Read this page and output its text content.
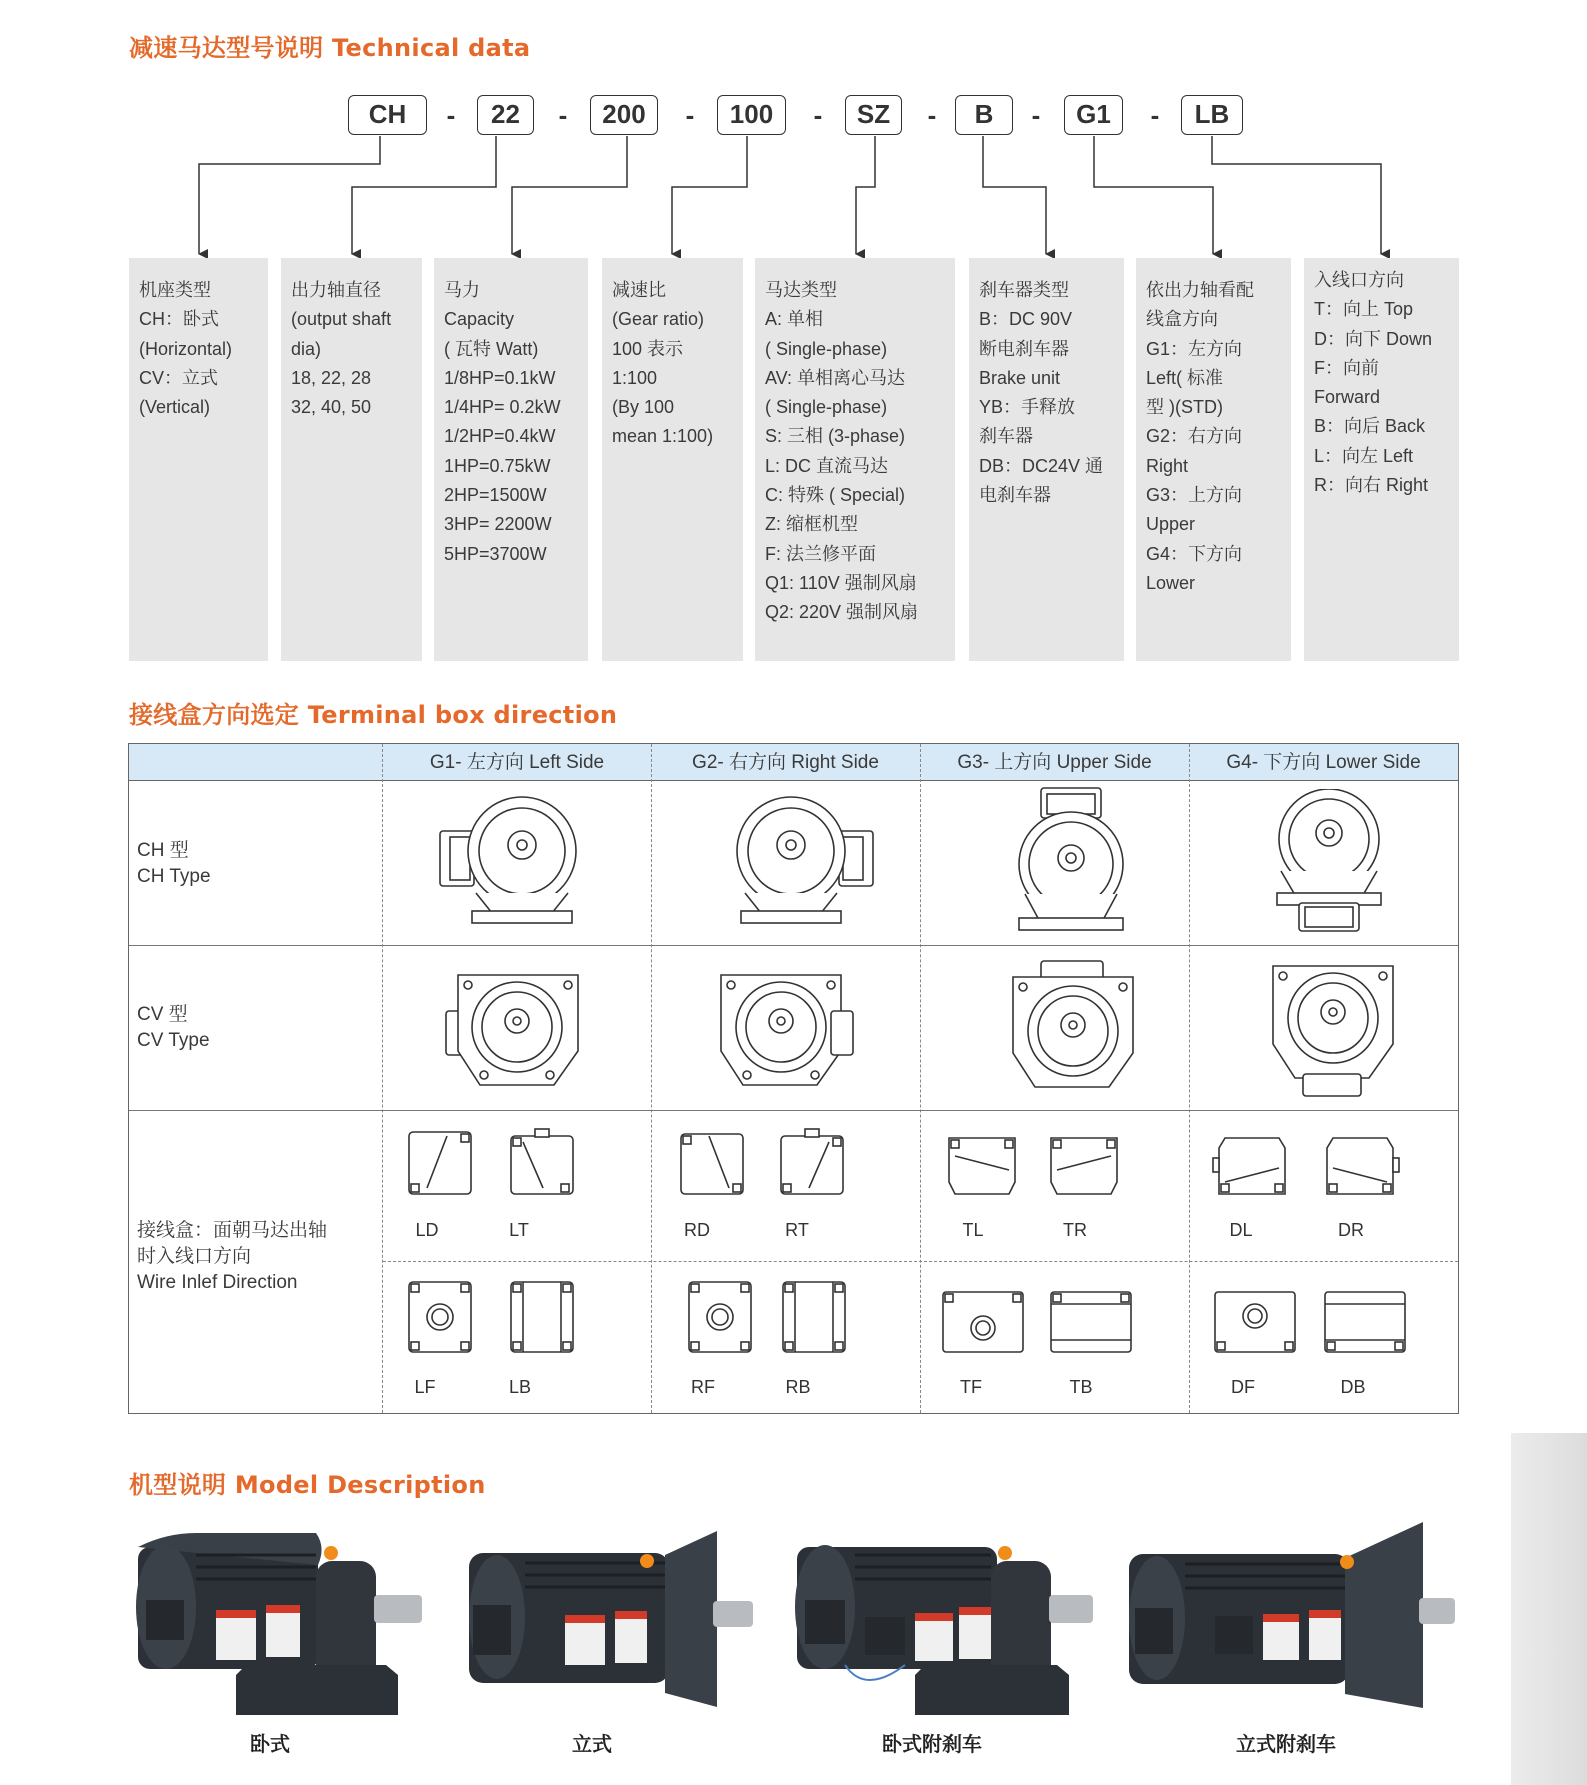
减速马达型号说明 Technical data
接线盒方向选定 Terminal box direction
机型说明 Model Description
CH	-	22	-	200	-	100	-	SZ	-	B	-	G1	-	LB
机座类型
CH：卧式
(Horizontal)
CV：立式
(Vertical)
出力轴直径
(output shaft
dia)
18, 22, 28
32, 40, 50
马力
Capacity
( 瓦特 Watt)
1/8HP=0.1kW
1/4HP= 0.2kW
1/2HP=0.4kW
1HP=0.75kW
2HP=1500W
3HP= 2200W
5HP=3700W
减速比
(Gear ratio)
100 表示
1:100
(By 100
mean 1:100)
马达类型
A: 单相
( Single-phase)
AV: 单相离心马达
( Single-phase)
S: 三相 (3-phase)
L: DC 直流马达
C: 特殊 ( Special)
Z: 缩框机型
F: 法兰修平面
Q1: 110V 强制风扇
Q2: 220V 强制风扇
刹车器类型
B：DC 90V
断电刹车器
Brake unit
YB：手释放
刹车器
DB：DC24V 通
电刹车器
依出力轴看配
线盒方向
G1：左方向
Left( 标准
型 )(STD)
G2：右方向
Right
G3：上方向
Upper
G4：下方向
Lower
入线口方向
T：向上 Top
D：向下 Down
F：向前
Forward
B：向后 Back
L：向左 Left
R：向右 Right
G1- 左方向 Left Side	G2- 右方向 Right Side	G3- 上方向 Upper Side	G4- 下方向 Lower Side
CH 型
CH Type
CV 型
CV Type
接线盒：面朝马达出轴
时入线口方向
Wire Inlef Direction
LD	LT	RD	RT	TL	TR	DL	DR
LF	LB	RF	RB	TF	TB	DF	DB
卧式	立式	卧式附刹车	立式附刹车
